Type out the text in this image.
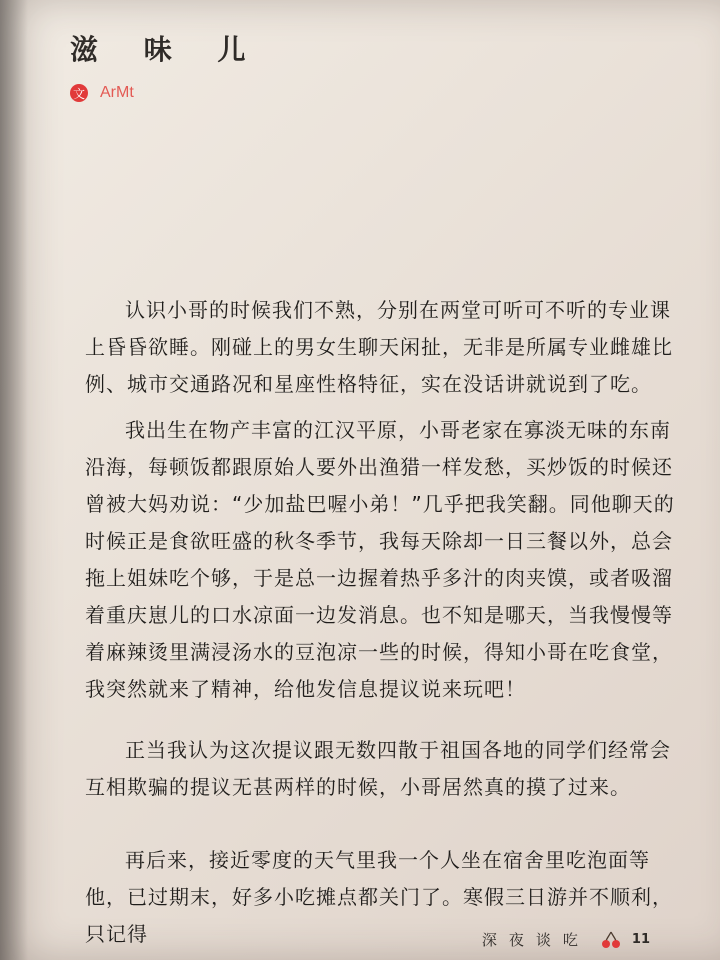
滋 味 儿
文 ArMt
认识小哥的时候我们不熟，分别在两堂可听可不听的专业课上昏昏欲睡。刚碰上的男女生聊天闲扯，无非是所属专业雌雄比例、城市交通路况和星座性格特征，实在没话讲就说到了吃。
我出生在物产丰富的江汉平原，小哥老家在寡淡无味的东南沿海，每顿饭都跟原始人要外出渔猎一样发愁，买炒饭的时候还曾被大妈劝说：“少加盐巴喔小弟！”几乎把我笑翻。同他聊天的时候正是食欲旺盛的秋冬季节，我每天除却一日三餐以外，总会拖上姐妹吃个够，于是总一边握着热乎多汁的肉夹馍，或者吸溜着重庆崽儿的口水凉面一边发消息。也不知是哪天，当我慢慢等着麻辣烫里满浸汤水的豆泡凉一些的时候，得知小哥在吃食堂，我突然就来了精神，给他发信息提议说来玩吧！
正当我认为这次提议跟无数四散于祖国各地的同学们经常会互相欺骗的提议无甚两样的时候，小哥居然真的摸了过来。
再后来，接近零度的天气里我一个人坐在宿舍里吃泡面等他，已过期末，好多小吃摊点都关门了。寒假三日游并不顺利，只记得	深夜谈吃	11
